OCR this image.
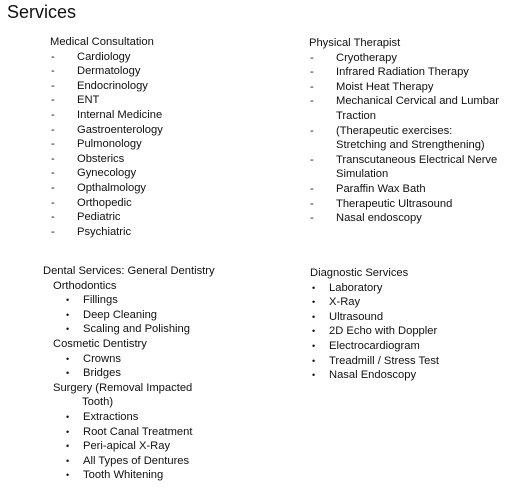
Services
Medical Consultation
-	Cardiology
-	Dermatology
-	Endocrinology
-	ENT
-	Internal Medicine
-	Gastroenterology
-	Pulmonology
-	Obsterics
-	Gynecology
-	Opthalmology
-	Orthopedic
-	Pediatric
-	Psychiatric
Physical Therapist
-	Cryotherapy
-	Infrared Radiation Therapy
-	Moist Heat Therapy
-	Mechanical Cervical and Lumbar
Traction
-	(Therapeutic exercises:
Stretching and Strengthening)
-	Transcutaneous Electrical Nerve
Simulation
-	Paraffin Wax Bath
-	Therapeutic Ultrasound
-	Nasal endoscopy
Dental Services: General Dentistry
Orthodontics
•	Fillings
•	Deep Cleaning
•	Scaling and Polishing
Cosmetic Dentistry
•	Crowns
•	Bridges
Surgery (Removal Impacted
Tooth)
•	Extractions
•	Root Canal Treatment
•	Peri-apical X-Ray
•	All Types of Dentures
•	Tooth Whitening
Diagnostic Services
•	Laboratory
•	X-Ray
•	Ultrasound
•	2D Echo with Doppler
•	Electrocardiogram
•	Treadmill / Stress Test
•	Nasal Endoscopy
